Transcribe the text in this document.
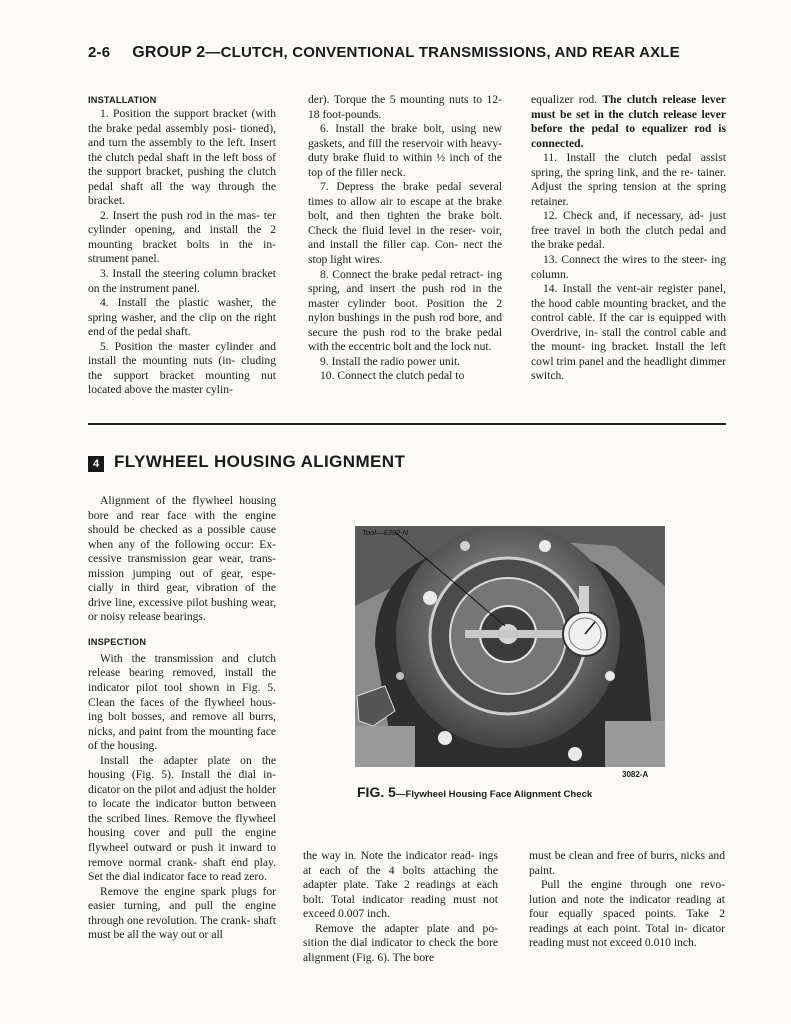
2-6 GROUP 2—CLUTCH, CONVENTIONAL TRANSMISSIONS, AND REAR AXLE
INSTALLATION

1. Position the support bracket (with the brake pedal assembly posi- tioned), and turn the assembly to the left. Insert the clutch pedal shaft in the left boss of the support bracket, pushing the clutch pedal shaft all the way through the bracket.

2. Insert the push rod in the mas- ter cylinder opening, and install the 2 mounting bracket bolts in the in- strument panel.

3. Install the steering column bracket on the instrument panel.

4. Install the plastic washer, the spring washer, and the clip on the right end of the pedal shaft.

5. Position the master cylinder and install the mounting nuts (in- cluding the support bracket mounting nut located above the master cylin-

der). Torque the 5 mounting nuts to 12-18 foot-pounds.

6. Install the brake bolt, using new gaskets, and fill the reservoir with heavy-duty brake fluid to within ½ inch of the top of the filler neck.

7. Depress the brake pedal several times to allow air to escape at the brake bolt, and then tighten the brake bolt. Check the fluid level in the reser- voir, and install the filler cap. Con- nect the stop light wires.

8. Connect the brake pedal retract- ing spring, and insert the push rod in the master cylinder boot. Position the 2 nylon bushings in the push rod bore, and secure the push rod to the brake pedal with the eccentric bolt and the lock nut.

9. Install the radio power unit.

10. Connect the clutch pedal to

equalizer rod. The clutch release lever must be set in the clutch release lever before the pedal to equalizer rod is connected.

11. Install the clutch pedal assist spring, the spring link, and the re- tainer. Adjust the spring tension at the spring retainer.

12. Check and, if necessary, ad- just free travel in both the clutch pedal and the brake pedal.

13. Connect the wires to the steer- ing column.

14. Install the vent-air register panel, the hood cable mounting bracket, and the control cable. If the car is equipped with Overdrive, in- stall the control cable and the mount- ing bracket. Install the left cowl trim panel and the headlight dimmer switch.

4 FLYWHEEL HOUSING ALIGNMENT

Alignment of the flywheel housing bore and rear face with the engine should be checked as a possible cause when any of the following occur: Ex- cessive transmission gear wear, trans- mission jumping out of gear, espe- cially in third gear, vibration of the drive line, excessive pilot bushing wear, or noisy release bearings.

INSPECTION

With the transmission and clutch release bearing removed, install the indicator pilot tool shown in Fig. 5. Clean the faces of the flywheel hous- ing bolt bosses, and remove all burrs, nicks, and paint from the mounting face of the housing.

Install the adapter plate on the housing (Fig. 5). Install the dial in- dicator on the pilot and adjust the holder to locate the indicator button between the scribed lines. Remove the flywheel housing cover and pull the engine flywheel outward or push it inward to remove normal crank- shaft end play. Set the dial indicator face to read zero.

Remove the engine spark plugs for easier turning, and pull the engine through one revolution. The crank- shaft must be all the way out or all

Tool—6392-N
3082-A
FIG. 5—Flywheel Housing Face Alignment Check

the way in. Note the indicator read- ings at each of the 4 bolts attaching the adapter plate. Take 2 readings at each bolt. Total indicator reading must not exceed 0.007 inch.

Remove the adapter plate and po- sition the dial indicator to check the bore alignment (Fig. 6). The bore

must be clean and free of burrs, nicks and paint.

Pull the engine through one revo- lution and note the indicator reading at four equally spaced points. Take 2 readings at each point. Total in- dicator reading must not exceed 0.010 inch.
